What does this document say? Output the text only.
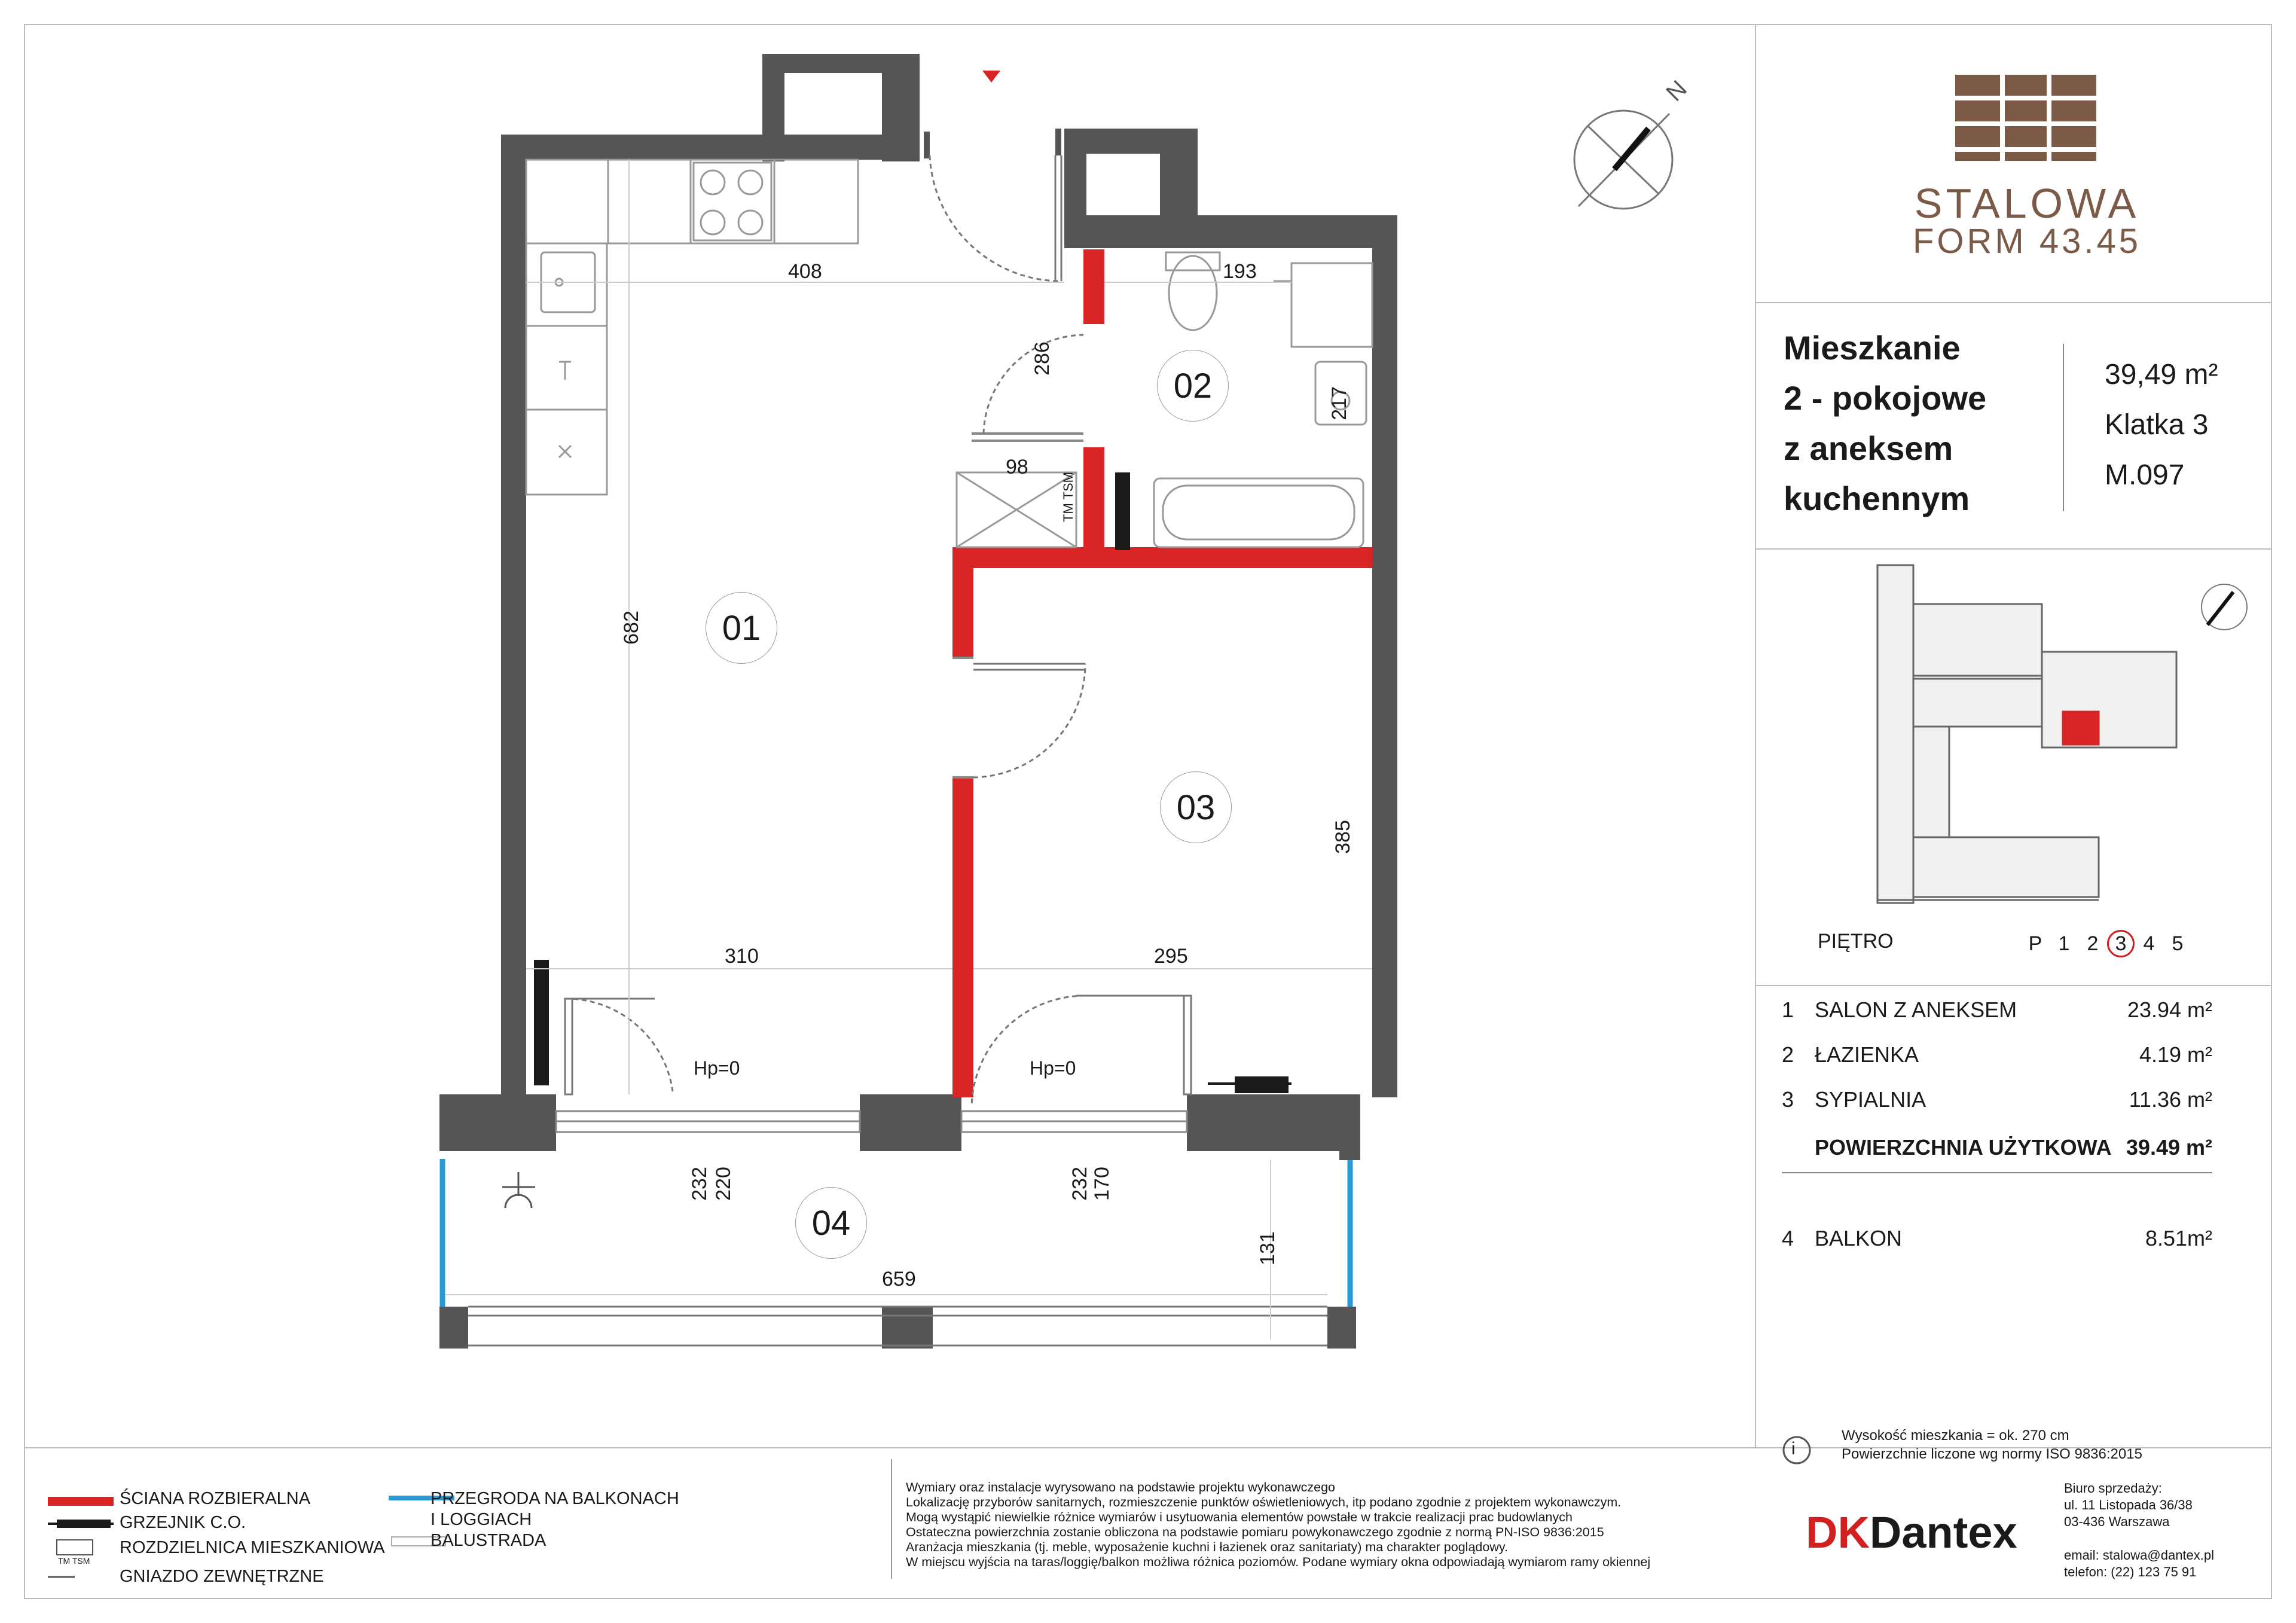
01
02
03
04
408	193
682
286
217
98
TM TSM
310	295
385
232 220	232 170
659
131
Hp=0	Hp=0
N
STALOWA
FORM 43.45
Mieszkanie
2 - pokojowe
z aneksem
kuchennym
39,49 m²
Klatka 3
M.097
PIĘTRO	P 1 2 3 4 5
1 SALON Z ANEKSEM	23.94 m²
2 ŁAZIENKA	4.19 m²
3 SYPIALNIA	11.36 m²
POWIERZCHNIA UŻYTKOWA 39.49 m²
4 BALKON	8.51m²
i
Wysokość mieszkania = ok. 270 cm
Powierzchnie liczone wg normy ISO 9836:2015
ŚCIANA ROZBIERALNA
GRZEJNIK C.O.
ROZDZIELNICA MIESZKANIOWA
TM TSM
GNIAZDO ZEWNĘTRZNE
PRZEGRODA NA BALKONACH
I LOGGIACH
BALUSTRADA
Wymiary oraz instalacje wyrysowano na podstawie projektu wykonawczego
Lokalizację przyborów sanitarnych, rozmieszczenie punktów oświetleniowych, itp podano zgodnie z projektem wykonawczym.
Mogą wystąpić niewielkie różnice wymiarów i usytuowania elementów powstałe w trakcie realizacji prac budowlanych
Ostateczna powierzchnia zostanie obliczona na podstawie pomiaru powykonawczego zgodnie z normą PN-ISO 9836:2015
Aranżacja mieszkania (tj. meble, wyposażenie kuchni i łazienek oraz sanitariaty) ma charakter poglądowy.
W miejscu wyjścia na taras/loggię/balkon możliwa różnica poziomów. Podane wymiary okna odpowiadają wymiarom ramy okiennej
DKDantex
Biuro sprzedaży:
ul. 11 Listopada 36/38
03-436 Warszawa
email: stalowa@dantex.pl
telefon: (22) 123 75 91
